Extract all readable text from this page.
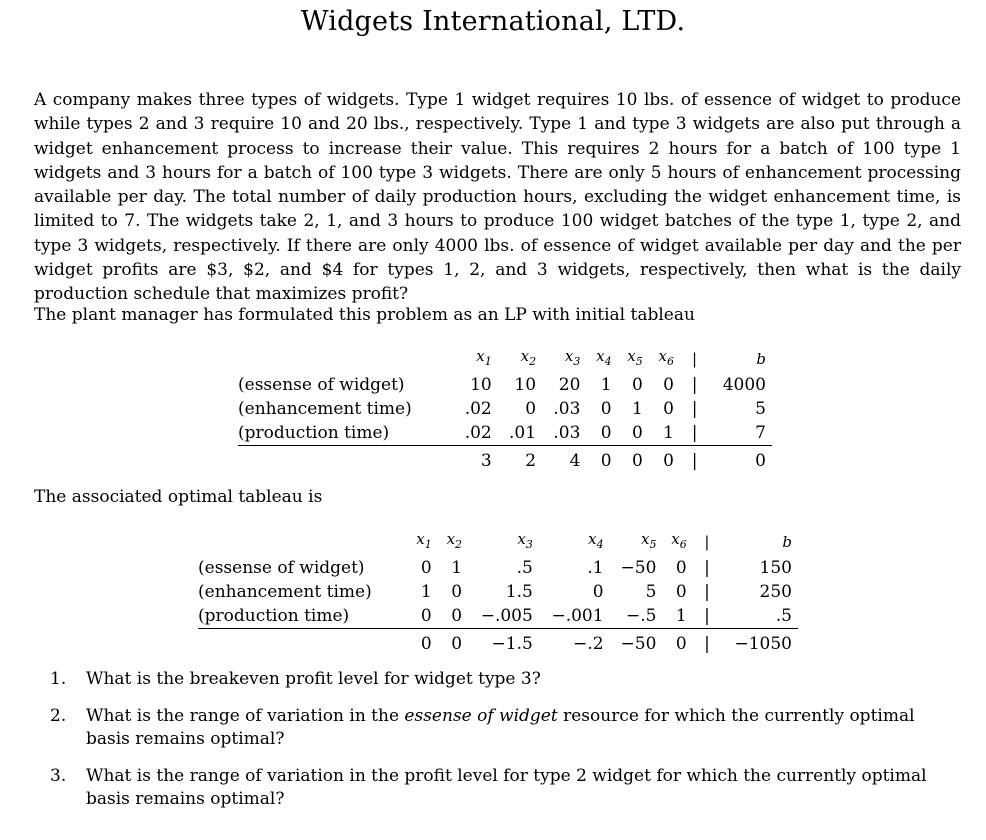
Widgets International, LTD.

A company makes three types of widgets. Type 1 widget requires 10 lbs. of essence of widget to produce while types 2 and 3 require 10 and 20 lbs., respectively. Type 1 and type 3 widgets are also put through a widget enhancement process to increase their value. This requires 2 hours for a batch of 100 type 1 widgets and 3 hours for a batch of 100 type 3 widgets. There are only 5 hours of enhancement processing available per day. The total number of daily production hours, excluding the widget enhancement time, is limited to 7. The widgets take 2, 1, and 3 hours to produce 100 widget batches of the type 1, type 2, and type 3 widgets, respectively. If there are only 4000 lbs. of essence of widget available per day and the per widget profits are $3, $2, and $4 for types 1, 2, and 3 widgets, respectively, then what is the daily production schedule that maximizes profit?

The plant manager has formulated this problem as an LP with initial tableau
	$x_1$	$x_2$	$x_3$	$x_4$	$x_5$	$x_6$	|	b
(essense of widget)	10	10	20	1	0	0	|	4000
(enhancement time)	.02	0	.03	0	1	0	|	5
(production time)	.02	.01	.03	0	0	1	|	7
	3	2	4	0	0	0	|	0
The associated optimal tableau is
	$x_1$	$x_2$	$x_3$	$x_4$	$x_5$	$x_6$	|	b
(essense of widget)	0	1	.5	.1	−50	0	|	150
(enhancement time)	1	0	1.5	0	5	0	|	250
(production time)	0	0	−.005	−.001	−.5	1	|	.5
	0	0	−1.5	−.2	−50	0	|	−1050
1. What is the breakeven profit level for widget type 3?
2. What is the range of variation in the essense of widget resource for which the currently optimal basis remains optimal?
3. What is the range of variation in the profit level for type 2 widget for which the currently optimal basis remains optimal?
